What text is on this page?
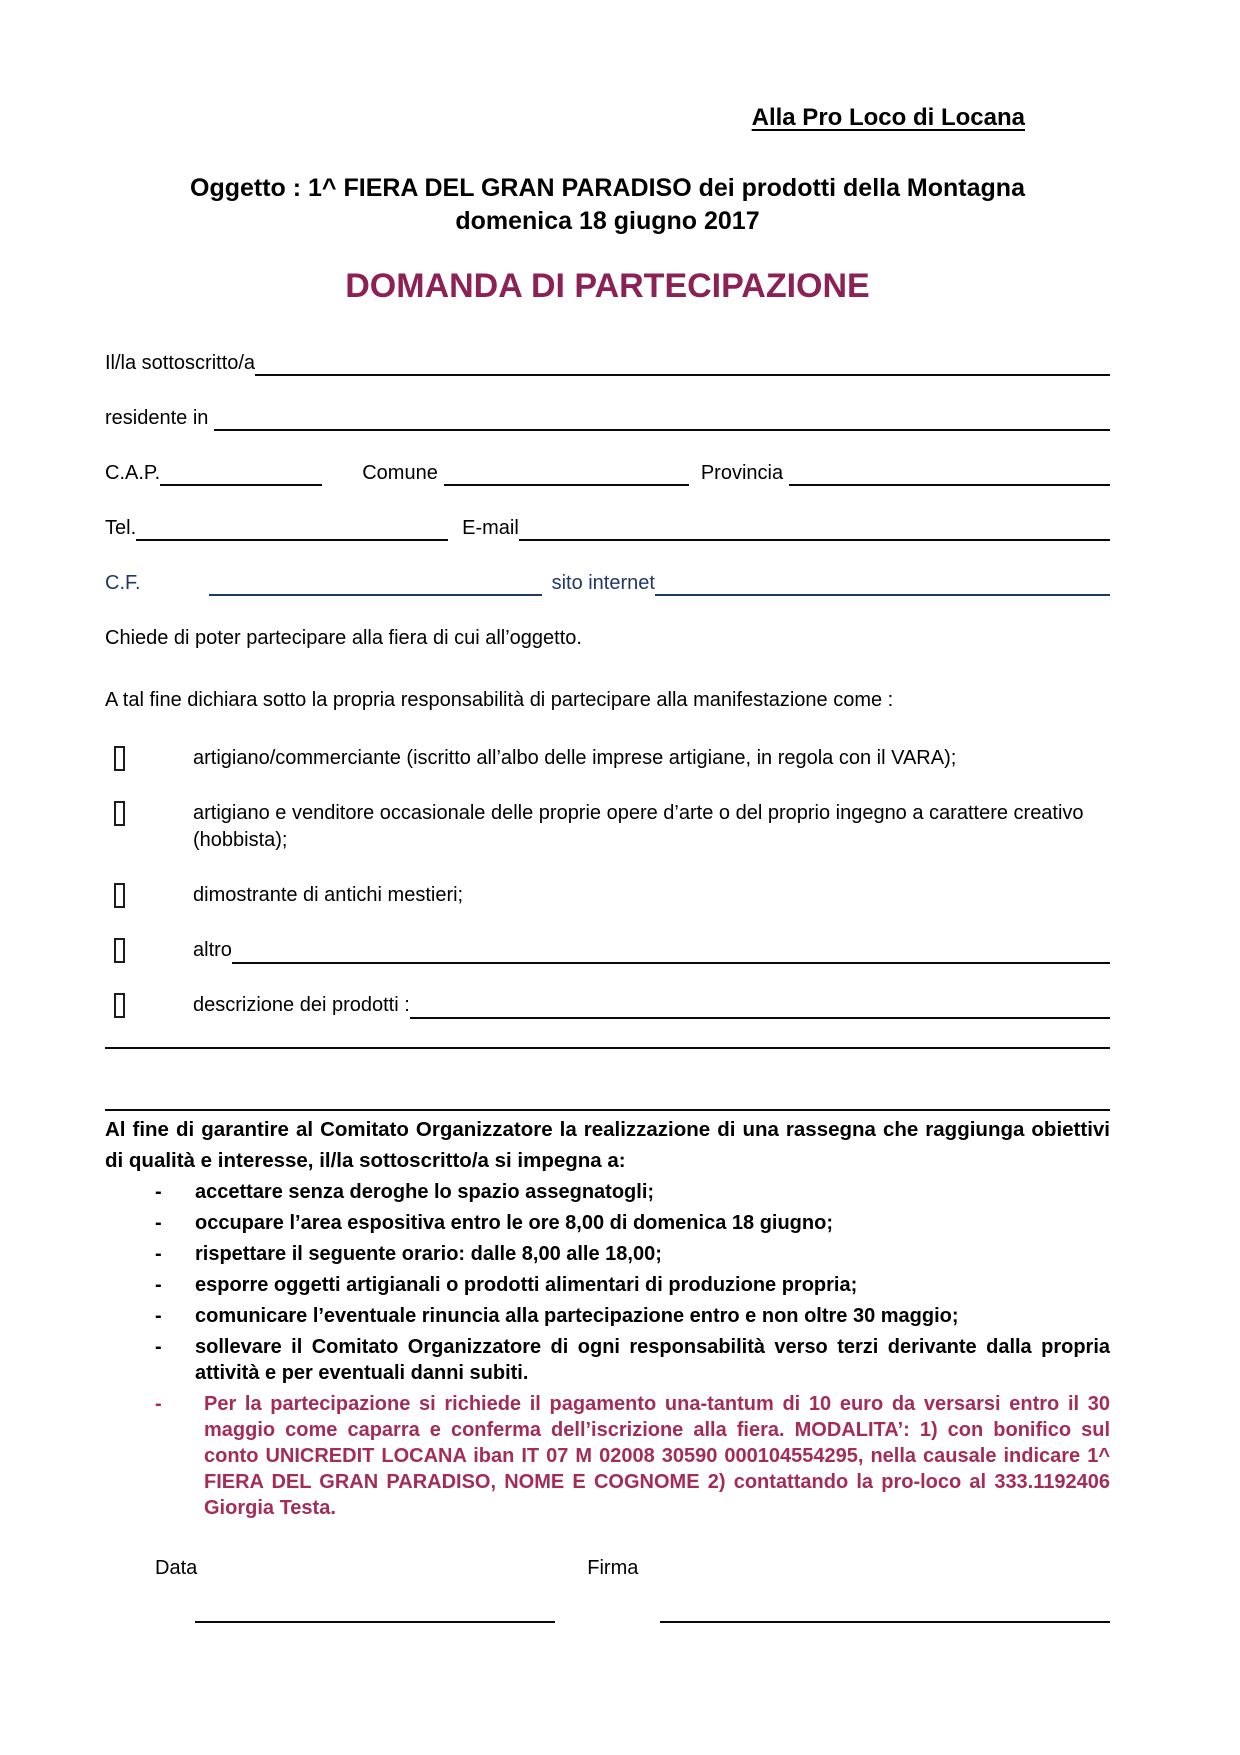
Alla Pro Loco di Locana
Oggetto : 1^ FIERA DEL GRAN PARADISO dei prodotti della Montagna
domenica 18 giugno 2017
DOMANDA DI PARTECIPAZIONE
Il/la sottoscritto/a
residente in
C.A.P.	Comune	Provincia
Tel.	E-mail
C.F.	sito internet
Chiede di poter partecipare alla fiera di cui all’oggetto.
A tal fine dichiara sotto la propria responsabilità di partecipare alla manifestazione come :
artigiano/commerciante (iscritto all’albo delle imprese artigiane, in regola con il VARA);
artigiano e venditore occasionale delle proprie opere d’arte o del proprio ingegno a carattere creativo (hobbista);
dimostrante di antichi mestieri;
altro
descrizione dei prodotti :
Al fine di garantire al Comitato Organizzatore la realizzazione di una rassegna che raggiunga obiettivi di qualità e interesse, il/la sottoscritto/a si impegna a:
-	accettare senza deroghe lo spazio assegnatogli;
-	occupare l’area espositiva entro le ore 8,00 di domenica 18 giugno;
-	rispettare il seguente orario: dalle 8,00 alle 18,00;
-	esporre oggetti artigianali o prodotti alimentari di produzione propria;
-	comunicare l’eventuale rinuncia alla partecipazione entro e non oltre 30 maggio;
-	sollevare il Comitato Organizzatore di ogni responsabilità verso terzi derivante dalla propria attività e per eventuali danni subiti.
-	Per la partecipazione si richiede il pagamento una-tantum di 10 euro da versarsi entro il 30 maggio come caparra e conferma dell’iscrizione alla fiera. MODALITA’: 1) con bonifico sul conto UNICREDIT LOCANA iban IT 07 M 02008 30590 000104554295, nella causale indicare 1^ FIERA DEL GRAN PARADISO, NOME E COGNOME 2) contattando la pro-loco al 333.1192406 Giorgia Testa.
Data	Firma
